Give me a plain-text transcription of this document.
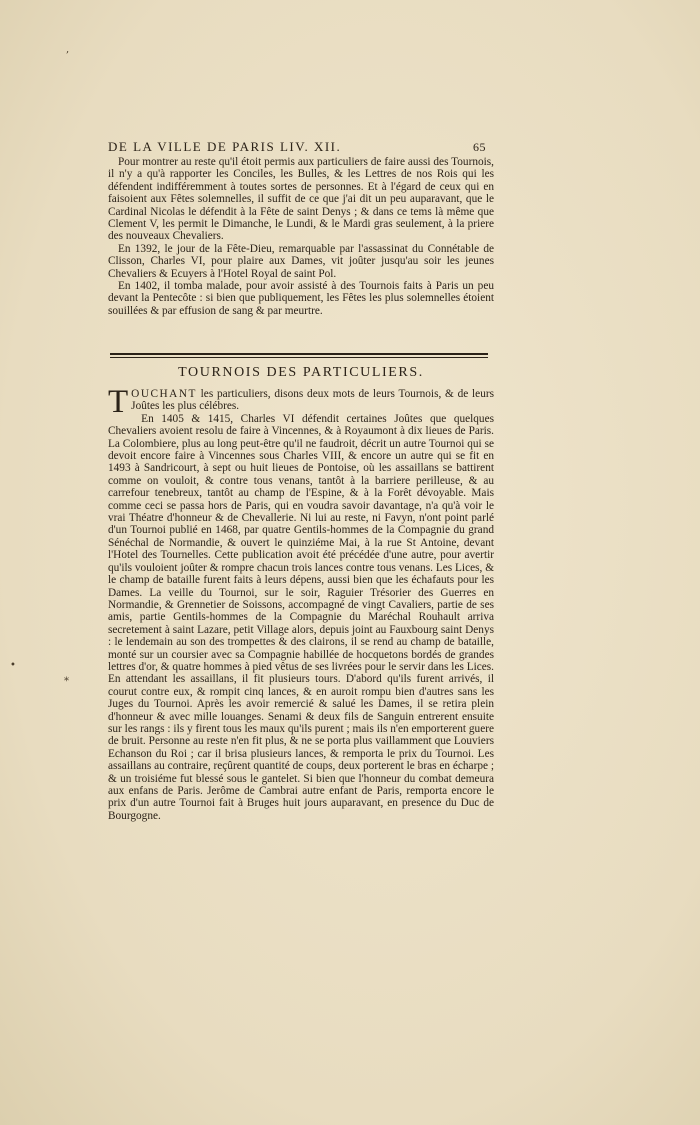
DE LA VILLE DE PARIS LIV. XII.	65

Pour montrer au reste qu'il étoit permis aux particuliers de faire aussi des Tournois, il n'y a qu'à rapporter les Conciles, les Bulles, & les Lettres de nos Rois qui les défendent indifféremment à toutes sortes de personnes. Et à l'égard de ceux qui en faisoient aux Fêtes solemnelles, il suffit de ce que j'ai dit un peu auparavant, que le Cardinal Nicolas le défendit à la Fête de saint Denys ; & dans ce tems là même que Clement V, les permit le Dimanche, le Lundi, & le Mardi gras seulement, à la priere des nouveaux Chevaliers.

En 1392, le jour de la Fête-Dieu, remarquable par l'assassinat du Connétable de Clisson, Charles VI, pour plaire aux Dames, vit joûter jusqu'au soir les jeunes Chevaliers & Ecuyers à l'Hotel Royal de saint Pol.

En 1402, il tomba malade, pour avoir assisté à des Tournois faits à Paris un peu devant la Pentecôte : si bien que publiquement, les Fêtes les plus solemnelles étoient souillées & par effusion de sang & par meurtre.

TOURNOIS DES PARTICULIERS.

TOUCHANT les particuliers, disons deux mots de leurs Tournois, & de leurs Joûtes les plus célébres.

En 1405 & 1415, Charles VI défendit certaines Joûtes que quelques Chevaliers avoient resolu de faire à Vincennes, & à Royaumont à dix lieues de Paris. La Colombiere, plus au long peut-être qu'il ne faudroit, décrit un autre Tournoi qui se devoit encore faire à Vincennes sous Charles VIII, & encore un autre qui se fit en 1493 à Sandricourt, à sept ou huit lieues de Pontoise, où les assaillans se battirent comme on vouloit, & contre tous venans, tantôt à la barriere perilleuse, & au carrefour tenebreux, tantôt au champ de l'Espine, & à la Forêt dévoyable. Mais comme ceci se passa hors de Paris, qui en voudra savoir davantage, n'a qu'à voir le vrai Théatre d'honneur & de Chevallerie. Ni lui au reste, ni Favyn, n'ont point parlé d'un Tournoi publié en 1468, par quatre Gentils-hommes de la Compagnie du grand Sénéchal de Normandie, & ouvert le quinziéme Mai, à la rue St Antoine, devant l'Hotel des Tournelles. Cette publication avoit été précédée d'une autre, pour avertir qu'ils vouloient joûter & rompre chacun trois lances contre tous venans. Les Lices, & le champ de bataille furent faits à leurs dépens, aussi bien que les échafauts pour les Dames. La veille du Tournoi, sur le soir, Raguier Trésorier des Guerres en Normandie, & Grennetier de Soissons, accompagné de vingt Cavaliers, partie de ses amis, partie Gentils-hommes de la Compagnie du Maréchal Rouhault arriva secretement à saint Lazare, petit Village alors, depuis joint au Fauxbourg saint Denys : le lendemain au son des trompettes & des clairons, il se rend au champ de bataille, monté sur un coursier avec sa Compagnie habillée de hocquetons bordés de grandes lettres d'or, & quatre hommes à pied vêtus de ses livrées pour le servir dans les Lices. En attendant les assaillans, il fit plusieurs tours. D'abord qu'ils furent arrivés, il courut contre eux, & rompit cinq lances, & en auroit rompu bien d'autres sans les Juges du Tournoi. Après les avoir remercié & salué les Dames, il se retira plein d'honneur & avec mille louanges. Senami & deux fils de Sanguin entrerent ensuite sur les rangs : ils y firent tous les maux qu'ils purent ; mais ils n'en emporterent guere de bruit. Personne au reste n'en fit plus, & ne se porta plus vaillamment que Louviers Echanson du Roi ; car il brisa plusieurs lances, & remporta le prix du Tournoi. Les assaillans au contraire, reçûrent quantité de coups, deux porterent le bras en écharpe ; & un troisiéme fut blessé sous le gantelet. Si bien que l'honneur du combat demeura aux enfans de Paris. Jerôme de Cambrai autre enfant de Paris, remporta encore le prix d'un autre Tournoi fait à Bruges huit jours auparavant, en presence du Duc de Bourgogne.

,
•
*
